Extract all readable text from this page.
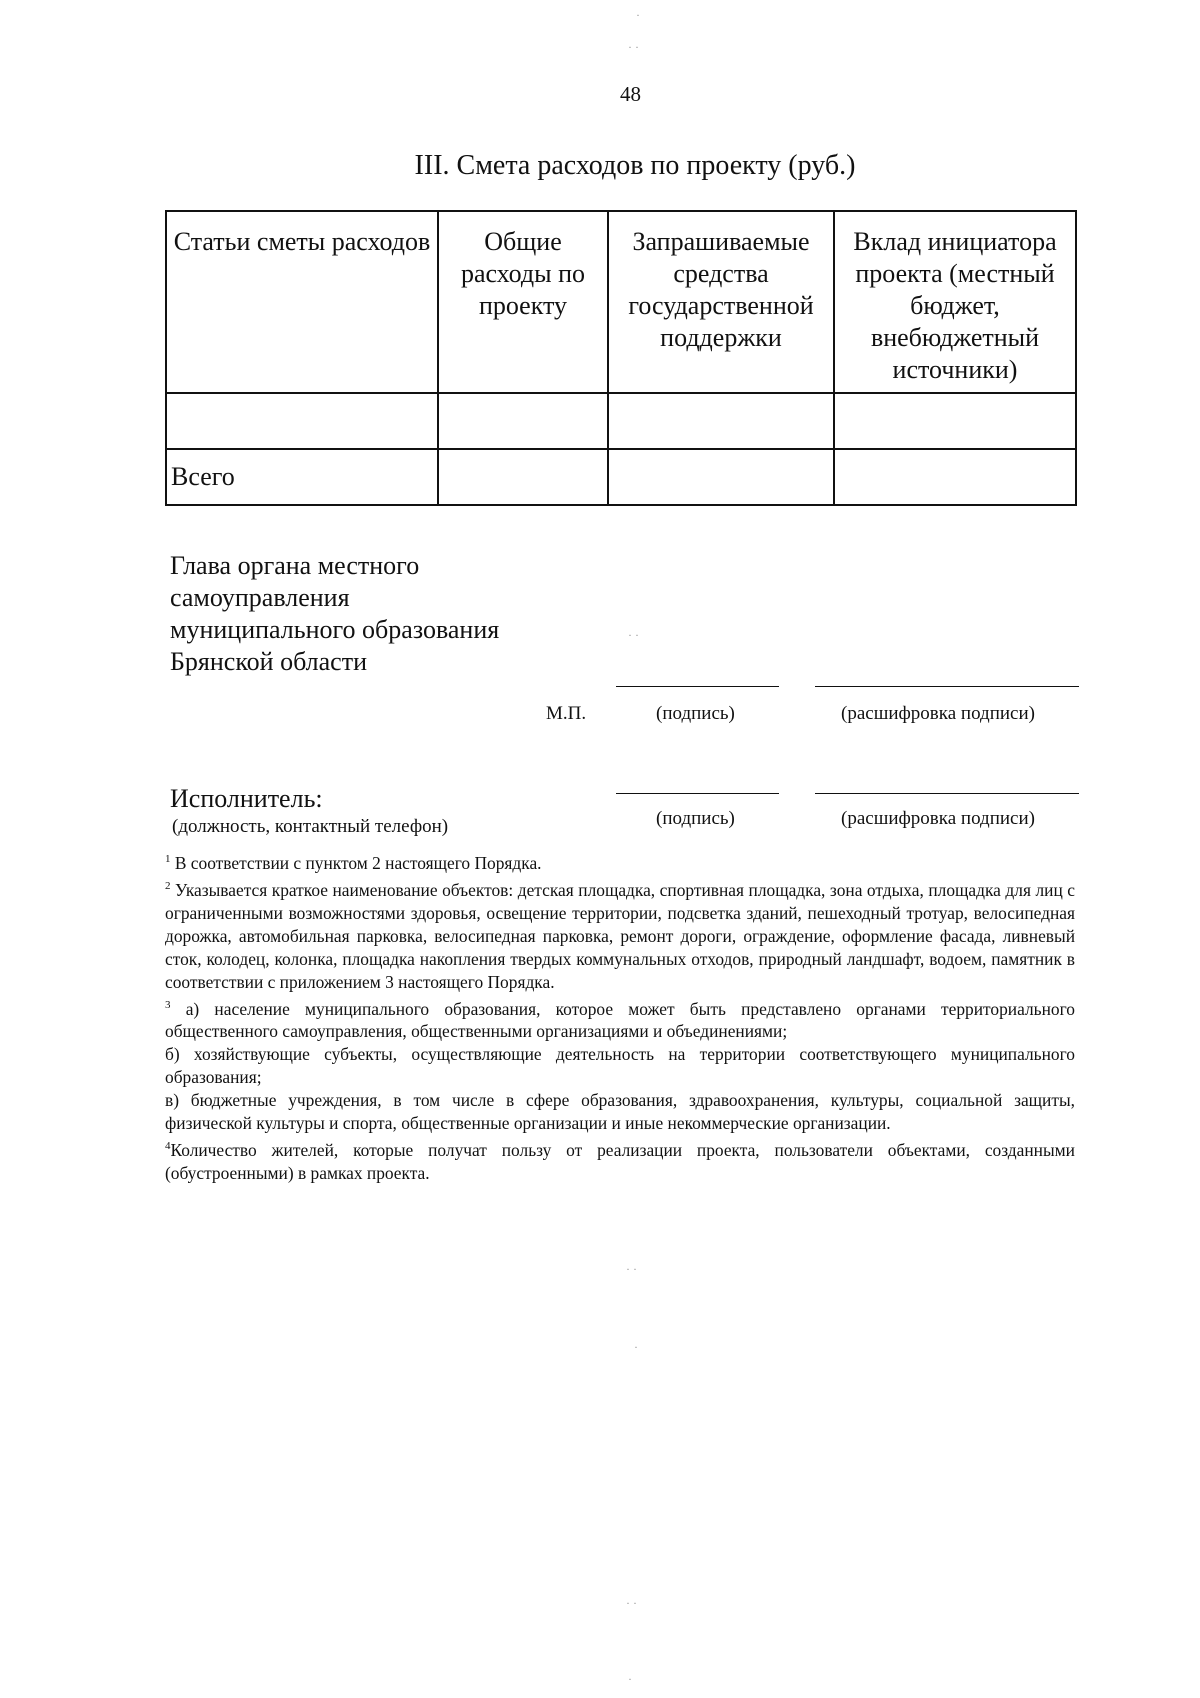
48
III. Смета расходов по проекту (руб.)
Статьи сметы расходов	Общие расходы по проекту	Запрашиваемые средства государственной поддержки	Вклад инициатора проекта (местный бюджет, внебюджетный источники)

Всего			
Глава органа местного
самоуправления
муниципального образования
Брянской области
М.П.	(подпись)	(расшифровка подписи)
Исполнитель:
(должность, контактный телефон)	(подпись)	(расшифровка подписи)

$^1$ В соответствии с пунктом 2 настоящего Порядка.

$^2$ Указывается краткое наименование объектов: детская площадка, спортивная площадка, зона отдыха, площадка для лиц с ограниченными возможностями здоровья, освещение территории, подсветка зданий, пешеходный тротуар, велосипедная дорожка, автомобильная парковка, велосипедная парковка, ремонт дороги, ограждение, оформление фасада, ливневый сток, колодец, колонка, площадка накопления твердых коммунальных отходов, природный ландшафт, водоем, памятник в соответствии с приложением 3 настоящего Порядка.

$^3$ а) население муниципального образования, которое может быть представлено органами территориального общественного самоуправления, общественными организациями и объединениями;

б) хозяйствующие субъекты, осуществляющие деятельность на территории соответствующего муниципального образования;

в) бюджетные учреждения, в том числе в сфере образования, здравоохранения, культуры, социальной защиты, физической культуры и спорта, общественные организации и иные некоммерческие организации.

$^4$Количество жителей, которые получат пользу от реализации проекта, пользователи объектами, созданными (обустроенными) в рамках проекта.

·
· ·
· ·
· ·
·
· ·
·
